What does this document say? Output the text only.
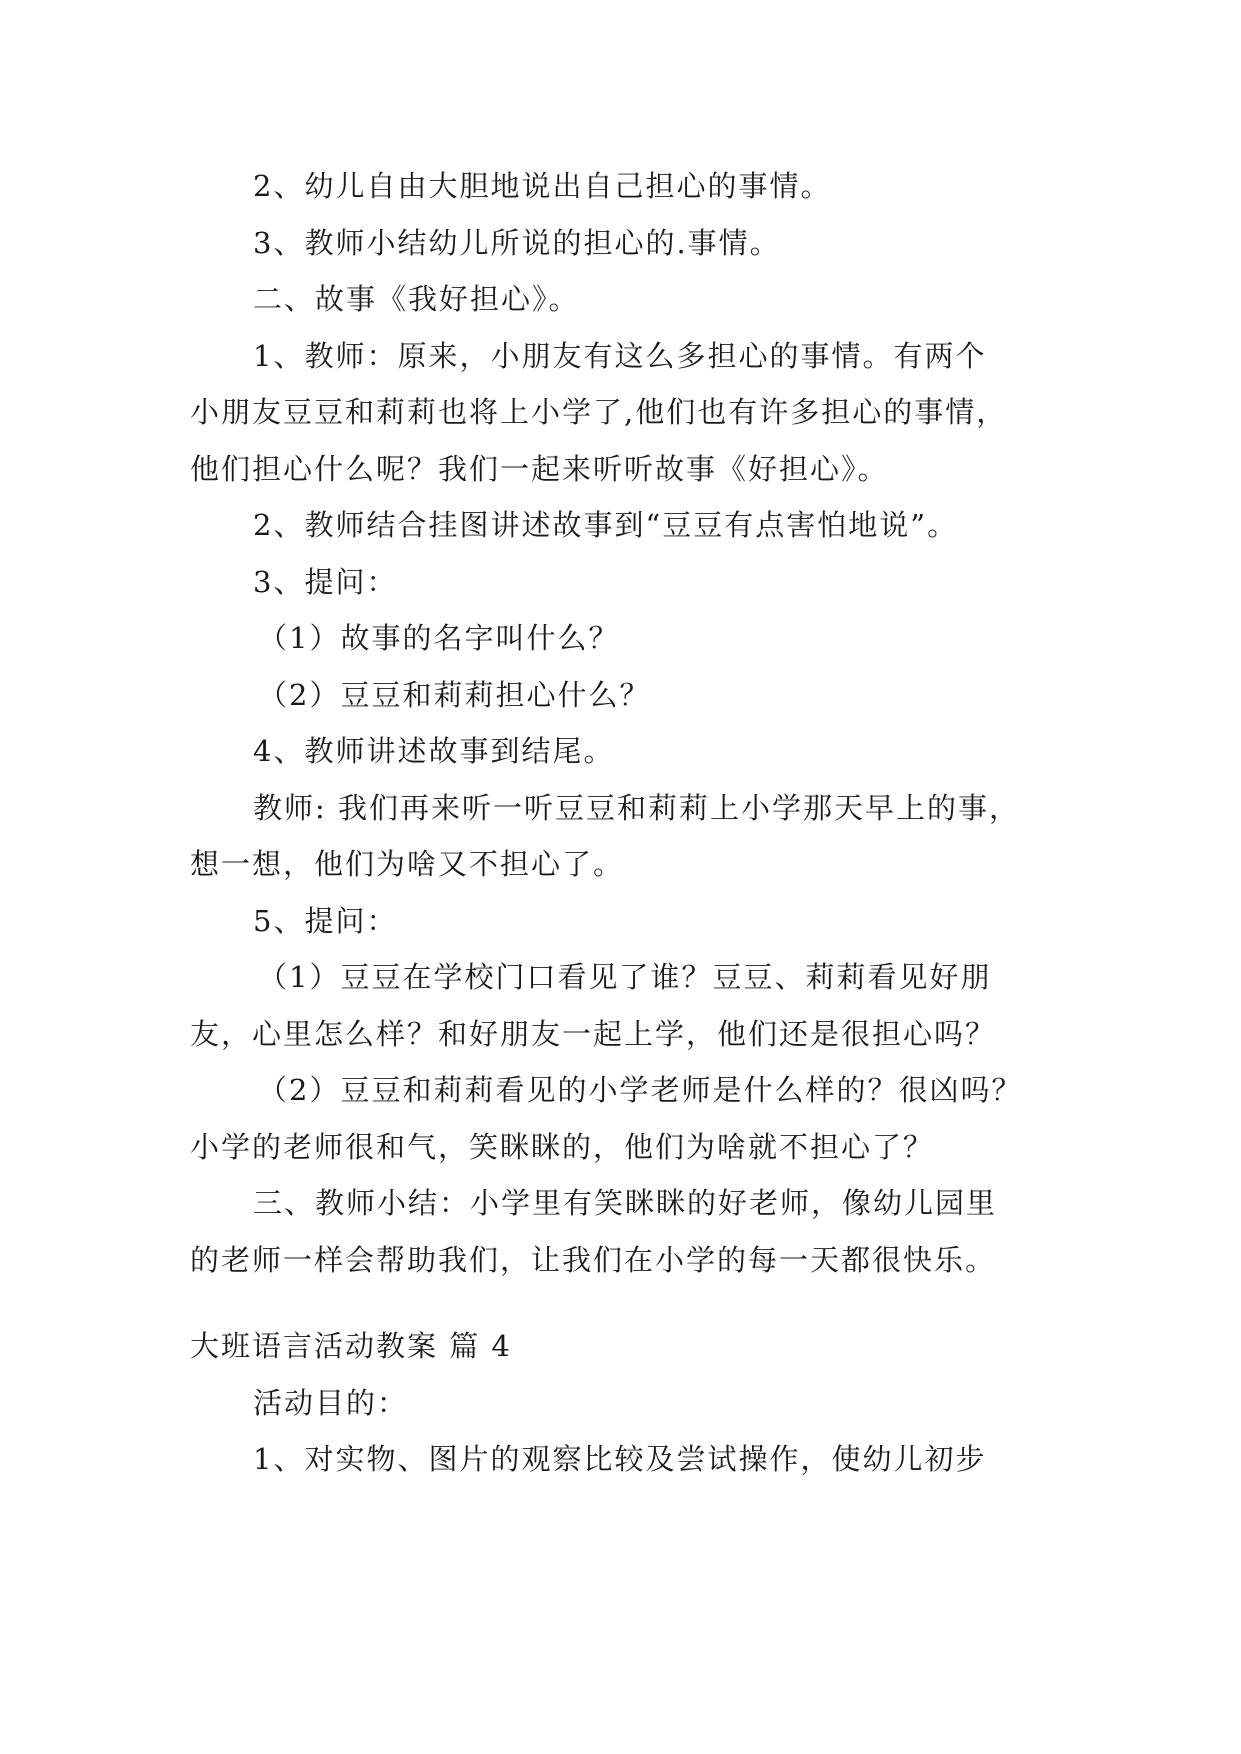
2、幼儿自由大胆地说出自己担心的事情。
3、教师小结幼儿所说的担心的.事情。
二、故事《我好担心》。
1、教师：原来，小朋友有这么多担心的事情。有两个
小朋友豆豆和莉莉也将上小学了,他们也有许多担心的事情，
他们担心什么呢？我们一起来听听故事《好担心》。
2、教师结合挂图讲述故事到“豆豆有点害怕地说”。
3、提问：
（1）故事的名字叫什么？
（2）豆豆和莉莉担心什么？
4、教师讲述故事到结尾。
教师: 我们再来听一听豆豆和莉莉上小学那天早上的事，
想一想，他们为啥又不担心了。
5、提问：
（1）豆豆在学校门口看见了谁？豆豆、莉莉看见好朋
友，心里怎么样？和好朋友一起上学，他们还是很担心吗？
（2）豆豆和莉莉看见的小学老师是什么样的？很凶吗？
小学的老师很和气，笑眯眯的，他们为啥就不担心了？
三、教师小结：小学里有笑眯眯的好老师，像幼儿园里
的老师一样会帮助我们，让我们在小学的每一天都很快乐。
大班语言活动教案 篇 4
活动目的：
1、对实物、图片的观察比较及尝试操作，使幼儿初步
